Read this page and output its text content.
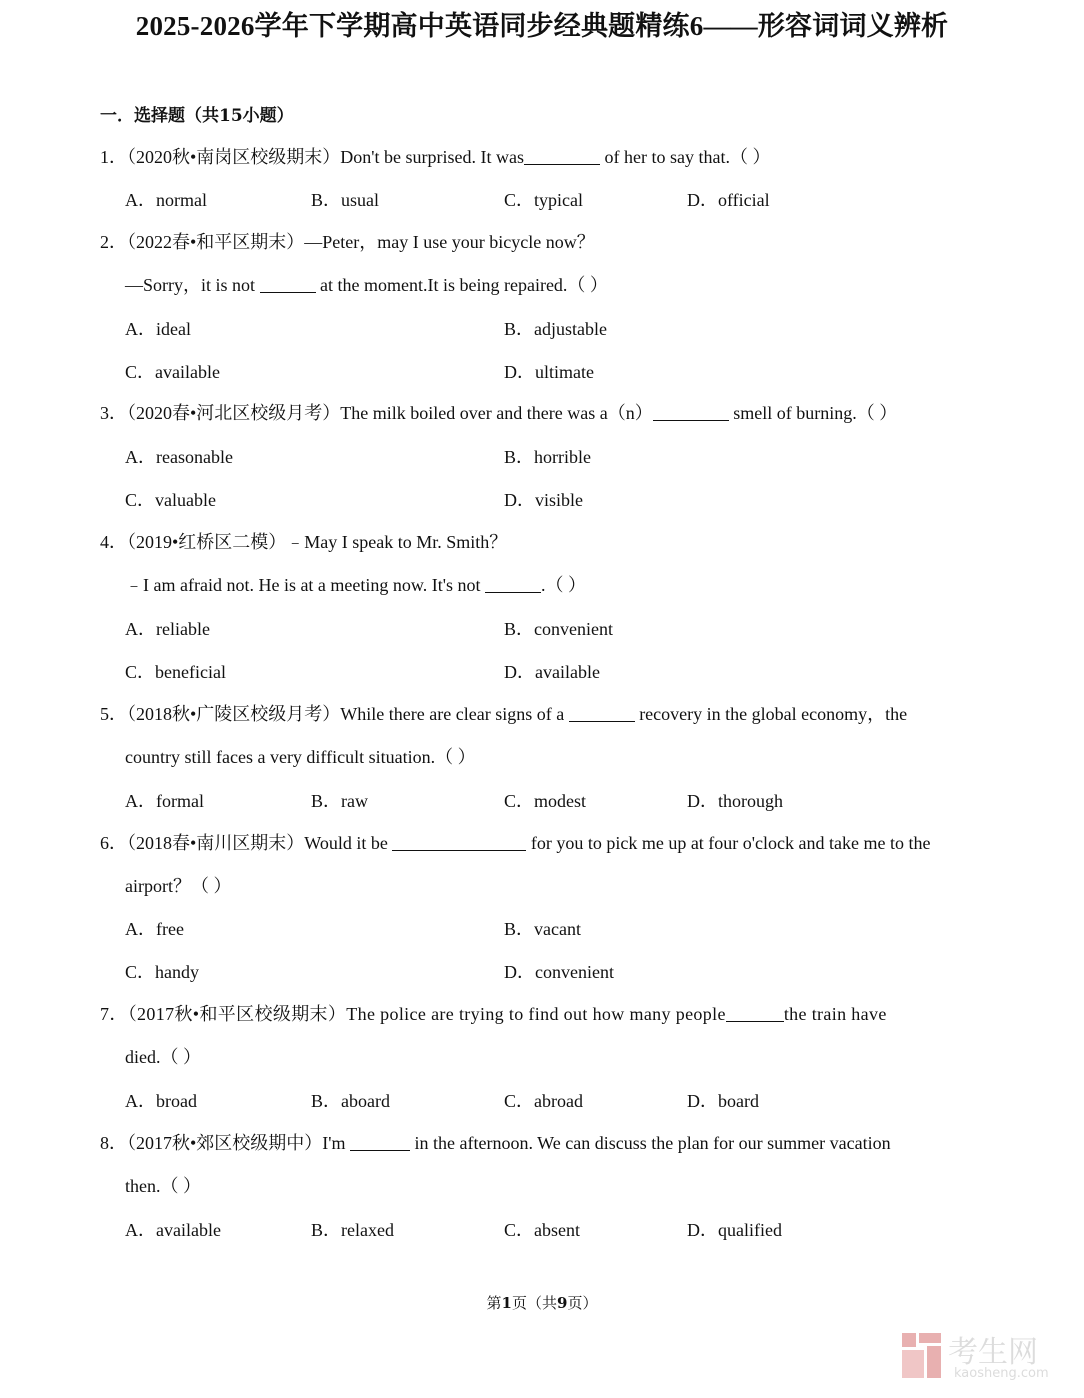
2025-2026学年下学期高中英语同步经典题精练6——形容词词义辨析
一．选择题（共15小题）
1．（2020秋•南岗区校级期末）Don't be surprised. It was	of her to say that.（ ）
A．normal	B．usual	C．typical	D．official
2．（2022春•和平区期末）—Peter，may I use your bicycle now？
—Sorry，it is not	at the moment.It is being repaired.（ ）
A．ideal	B．adjustable
C．available	D．ultimate
3．（2020春•河北区校级月考）The milk boiled over and there was a（n）	smell of burning.（ ）
A．reasonable	B．horrible
C．valuable	D．visible
4．（2019•红桥区二模）﹣May I speak to Mr. Smith？
﹣I am afraid not. He is at a meeting now. It's not	.（ ）
A．reliable	B．convenient
C．beneficial	D．available
5．（2018秋•广陵区校级月考）While there are clear signs of a	recovery in the global economy，the
country still faces a very difficult situation.（ ）
A．formal	B．raw	C．modest	D．thorough
6．（2018春•南川区期末）Would it be	for you to pick me up at four o'clock and take me to the
airport？（ ）
A．free	B．vacant
C．handy	D．convenient
7．（2017秋•和平区校级期末）The police are trying to find out how many people	the train have
died.（ ）
A．broad	B．aboard	C．abroad	D．board
8．（2017秋•郊区校级期中）I'm	in the afternoon. We can discuss the plan for our summer vacation
then.（ ）
A．available	B．relaxed	C．absent	D．qualified
第1页（共9页）
考生网
kaosheng.com
